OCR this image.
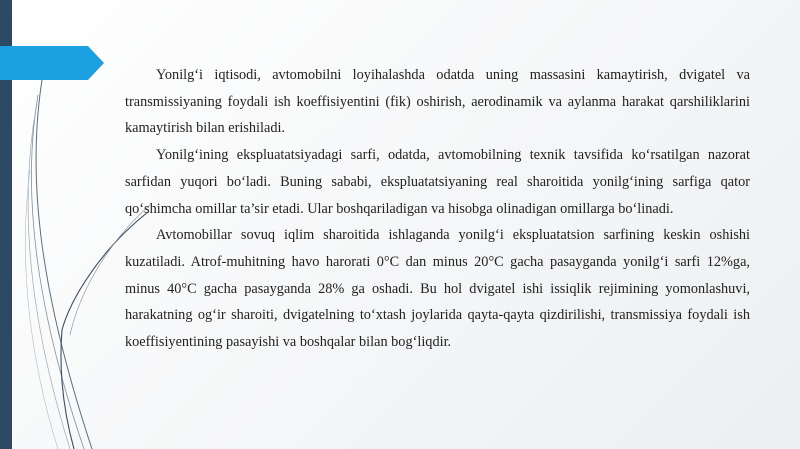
Yonilg‘i iqtisodi, avtomobilni loyihalashda odatda uning massasini kamaytirish, dvigatel va transmissiyaning foydali ish koeffisiyentini (fik) oshirish, aerodinamik va aylanma harakat qarshiliklarini kamaytirish bilan erishiladi.

Yonilg‘ining ekspluatatsiyadagi sarfi, odatda, avtomobilning texnik tavsifida ko‘rsatilgan nazorat sarfidan yuqori bo‘ladi. Buning sababi, ekspluatatsiyaning real sharoitida yonilg‘ining sarfiga qator qo‘shimcha omillar ta’sir etadi. Ular boshqariladigan va hisobga olinadigan omillarga bo‘linadi.

Avtomobillar sovuq iqlim sharoitida ishlaganda yonilg‘i ekspluatatsion sarfining keskin oshishi kuzatiladi. Atrof-muhitning havo harorati 0°C dan minus 20°C gacha pasayganda yonilg‘i sarfi 12%ga, minus 40°C gacha pasayganda 28% ga oshadi. Bu hol dvigatel ishi issiqlik rejimining yomonlashuvi, harakatning og‘ir sharoiti, dvigatelning to‘xtash joylarida qayta-qayta qizdirilishi, transmissiya foydali ish koeffisiyentining pasayishi va boshqalar bilan bog‘liqdir.
